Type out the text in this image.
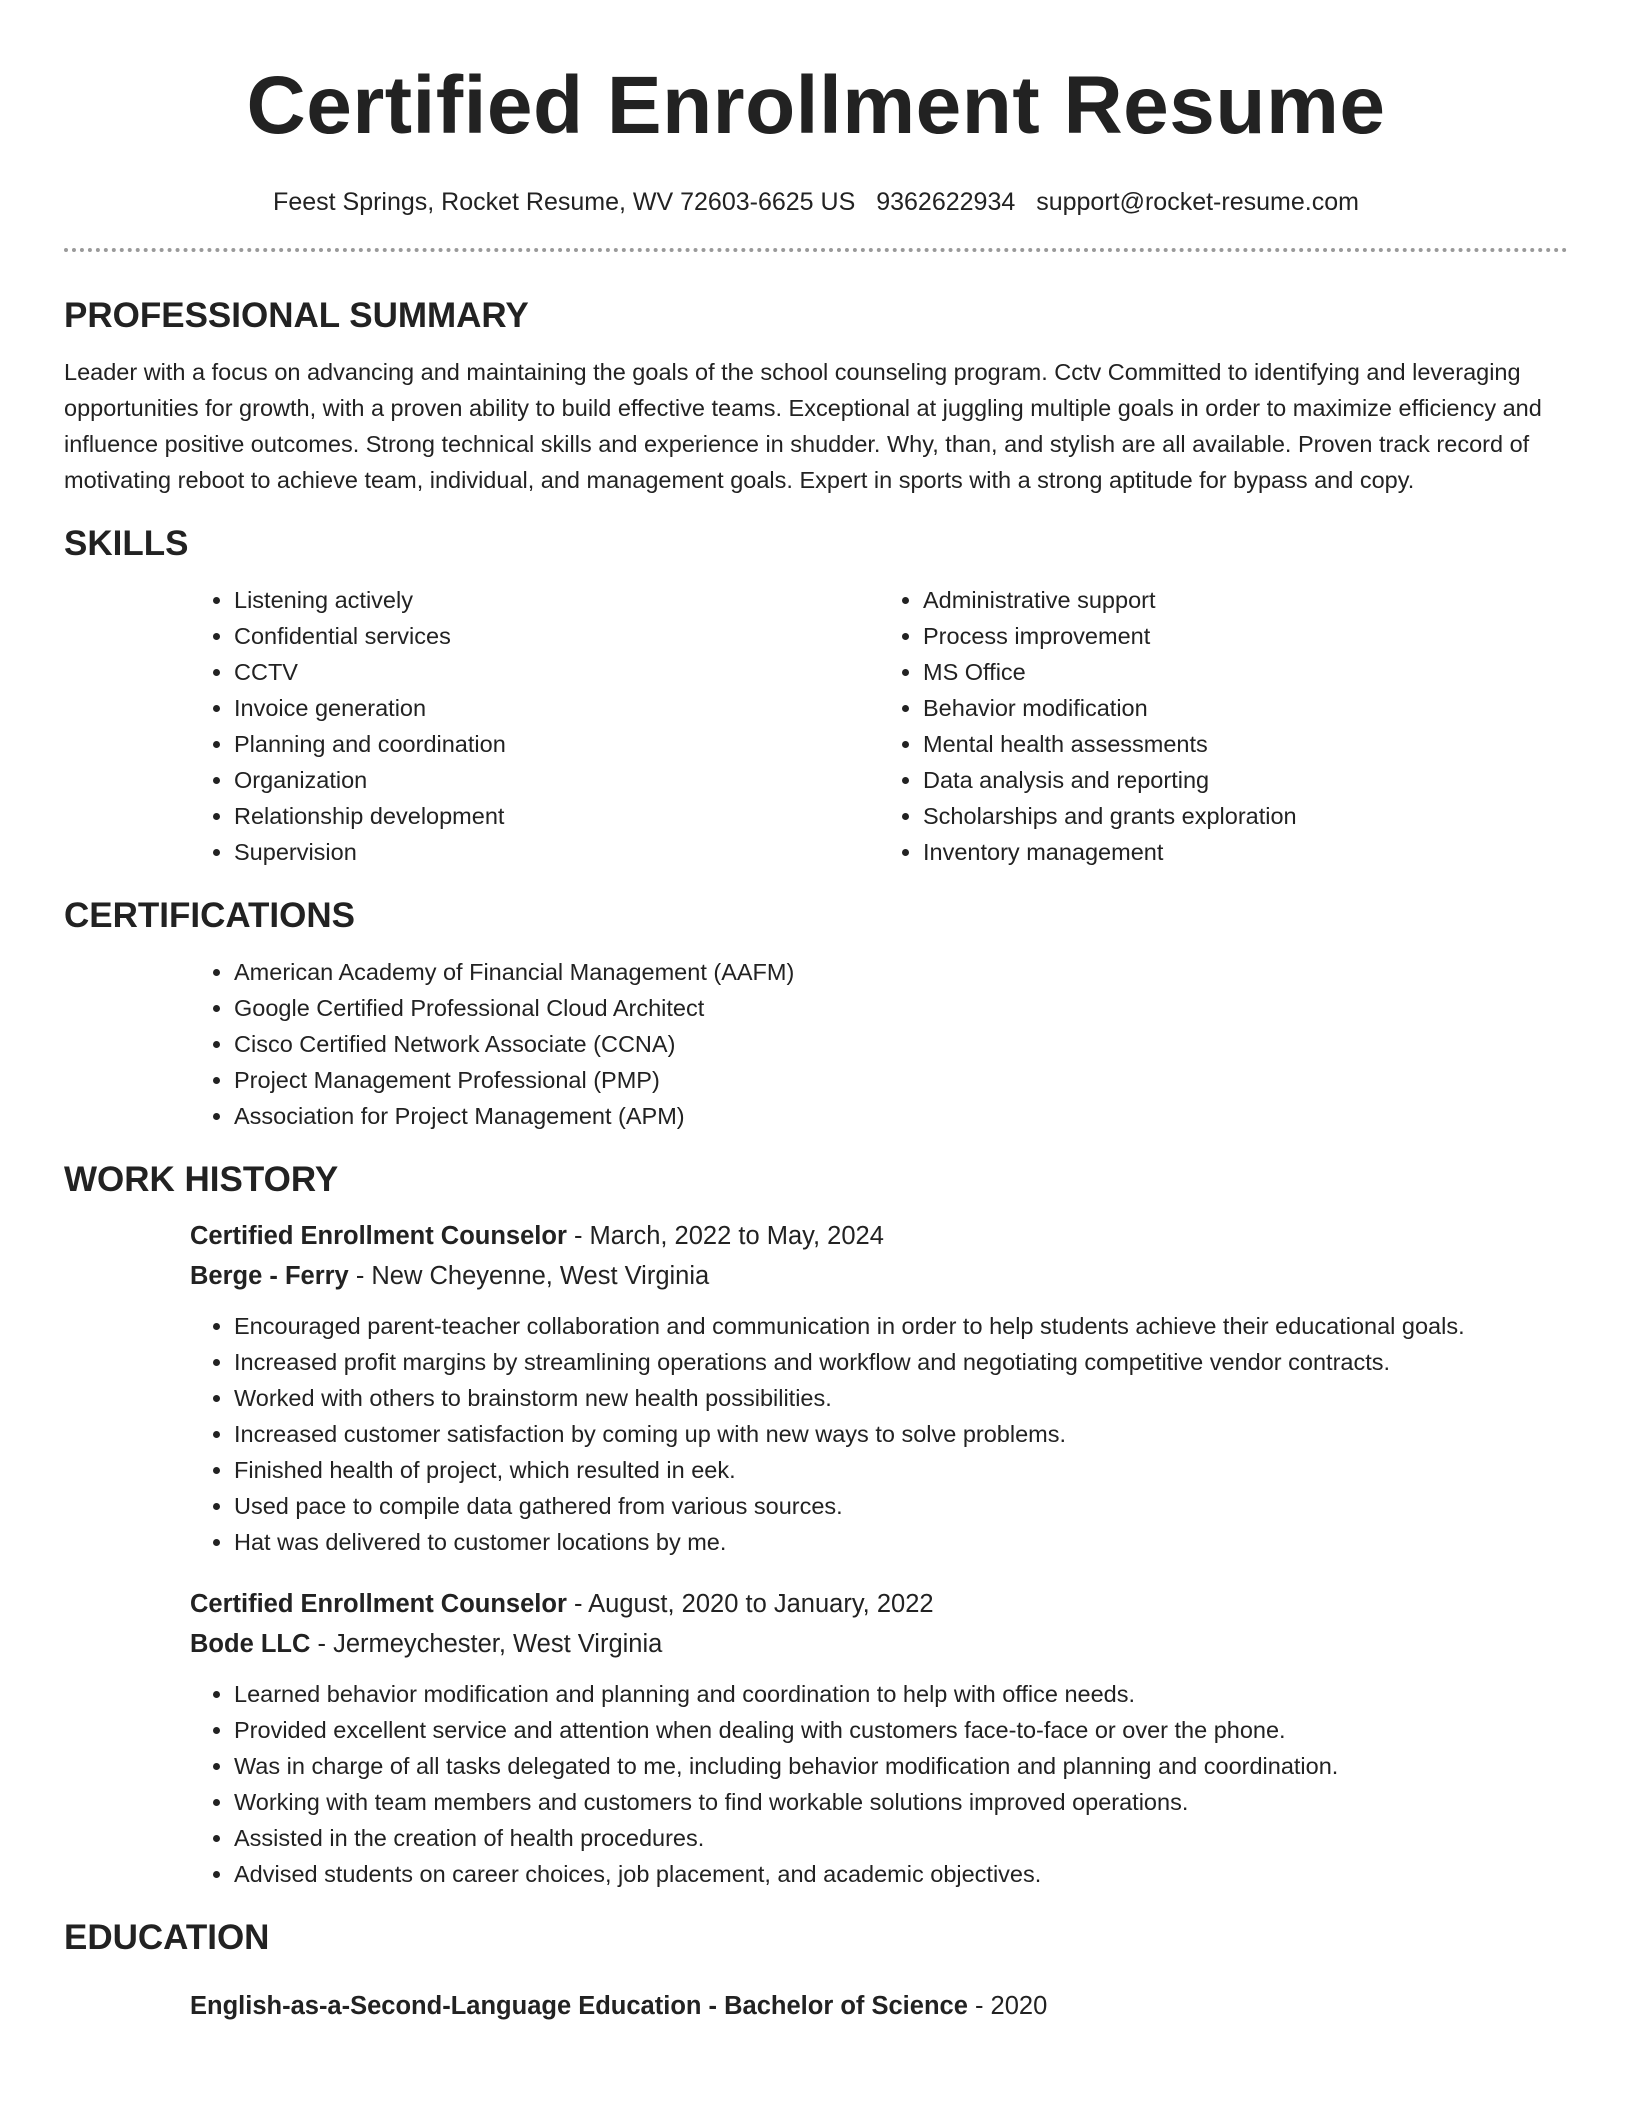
Certified Enrollment Resume
Feest Springs, Rocket Resume, WV 72603-6625 US 9362622934 support@rocket-resume.com
PROFESSIONAL SUMMARY

Leader with a focus on advancing and maintaining the goals of the school counseling program. Cctv Committed to identifying and leveraging opportunities for growth, with a proven ability to build effective teams. Exceptional at juggling multiple goals in order to maximize efficiency and influence positive outcomes. Strong technical skills and experience in shudder. Why, than, and stylish are all available. Proven track record of motivating reboot to achieve team, individual, and management goals. Expert in sports with a strong aptitude for bypass and copy.

SKILLS
• Listening actively
• Confidential services
• CCTV
• Invoice generation
• Planning and coordination
• Organization
• Relationship development
• Supervision
• Administrative support
• Process improvement
• MS Office
• Behavior modification
• Mental health assessments
• Data analysis and reporting
• Scholarships and grants exploration
• Inventory management
CERTIFICATIONS
• American Academy of Financial Management (AAFM)
• Google Certified Professional Cloud Architect
• Cisco Certified Network Associate (CCNA)
• Project Management Professional (PMP)
• Association for Project Management (APM)
WORK HISTORY
Certified Enrollment Counselor - March, 2022 to May, 2024
Berge - Ferry - New Cheyenne, West Virginia
• Encouraged parent-teacher collaboration and communication in order to help students achieve their educational goals.
• Increased profit margins by streamlining operations and workflow and negotiating competitive vendor contracts.
• Worked with others to brainstorm new health possibilities.
• Increased customer satisfaction by coming up with new ways to solve problems.
• Finished health of project, which resulted in eek.
• Used pace to compile data gathered from various sources.
• Hat was delivered to customer locations by me.
Certified Enrollment Counselor - August, 2020 to January, 2022
Bode LLC - Jermeychester, West Virginia
• Learned behavior modification and planning and coordination to help with office needs.
• Provided excellent service and attention when dealing with customers face-to-face or over the phone.
• Was in charge of all tasks delegated to me, including behavior modification and planning and coordination.
• Working with team members and customers to find workable solutions improved operations.
• Assisted in the creation of health procedures.
• Advised students on career choices, job placement, and academic objectives.
EDUCATION
English-as-a-Second-Language Education - Bachelor of Science - 2020
